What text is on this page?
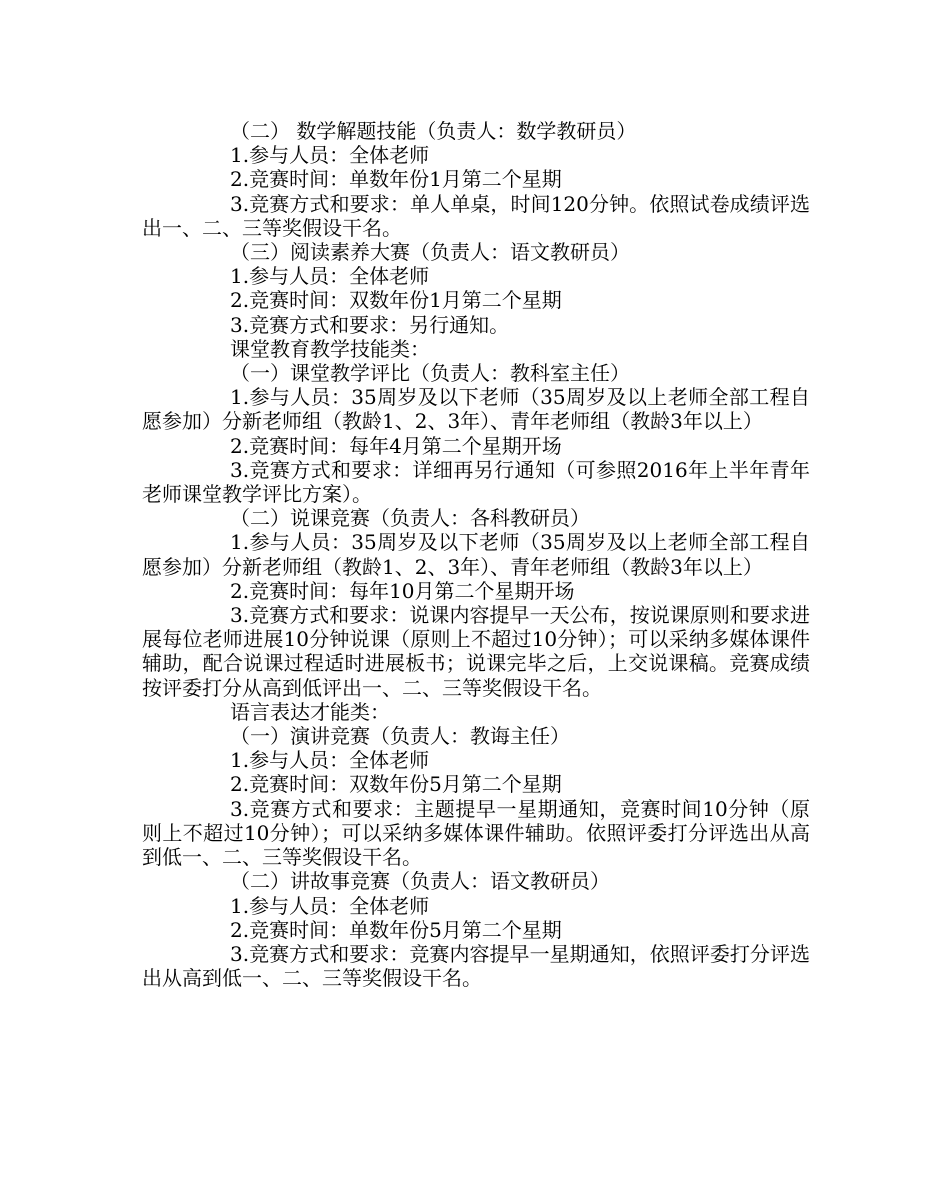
（二） 数学解题技能（负责人：数学教研员）

1.参与人员：全体老师

2.竞赛时间：单数年份1月第二个星期

3.竞赛方式和要求：单人单桌，时间120分钟。依照试卷成绩评选出一、二、三等奖假设干名。

（三）阅读素养大赛（负责人：语文教研员）

1.参与人员：全体老师

2.竞赛时间：双数年份1月第二个星期

3.竞赛方式和要求：另行通知。

课堂教育教学技能类：

（一）课堂教学评比（负责人：教科室主任）

1.参与人员：35周岁及以下老师（35周岁及以上老师全部工程自愿参加）分新老师组（教龄1、2、3年）、青年老师组（教龄3年以上）

2.竞赛时间：每年4月第二个星期开场

3.竞赛方式和要求：详细再另行通知（可参照2016年上半年青年老师课堂教学评比方案）。

（二）说课竞赛（负责人：各科教研员）

1.参与人员：35周岁及以下老师（35周岁及以上老师全部工程自愿参加）分新老师组（教龄1、2、3年）、青年老师组（教龄3年以上）

2.竞赛时间：每年10月第二个星期开场

3.竞赛方式和要求：说课内容提早一天公布，按说课原则和要求进展每位老师进展10分钟说课（原则上不超过10分钟）；可以采纳多媒体课件辅助，配合说课过程适时进展板书；说课完毕之后，上交说课稿。竞赛成绩按评委打分从高到低评出一、二、三等奖假设干名。

语言表达才能类：

（一）演讲竞赛（负责人：教诲主任）

1.参与人员：全体老师

2.竞赛时间：双数年份5月第二个星期

3.竞赛方式和要求：主题提早一星期通知，竞赛时间10分钟（原则上不超过10分钟）；可以采纳多媒体课件辅助。依照评委打分评选出从高到低一、二、三等奖假设干名。

（二）讲故事竞赛（负责人：语文教研员）

1.参与人员：全体老师

2.竞赛时间：单数年份5月第二个星期

3.竞赛方式和要求：竞赛内容提早一星期通知，依照评委打分评选出从高到低一、二、三等奖假设干名。
